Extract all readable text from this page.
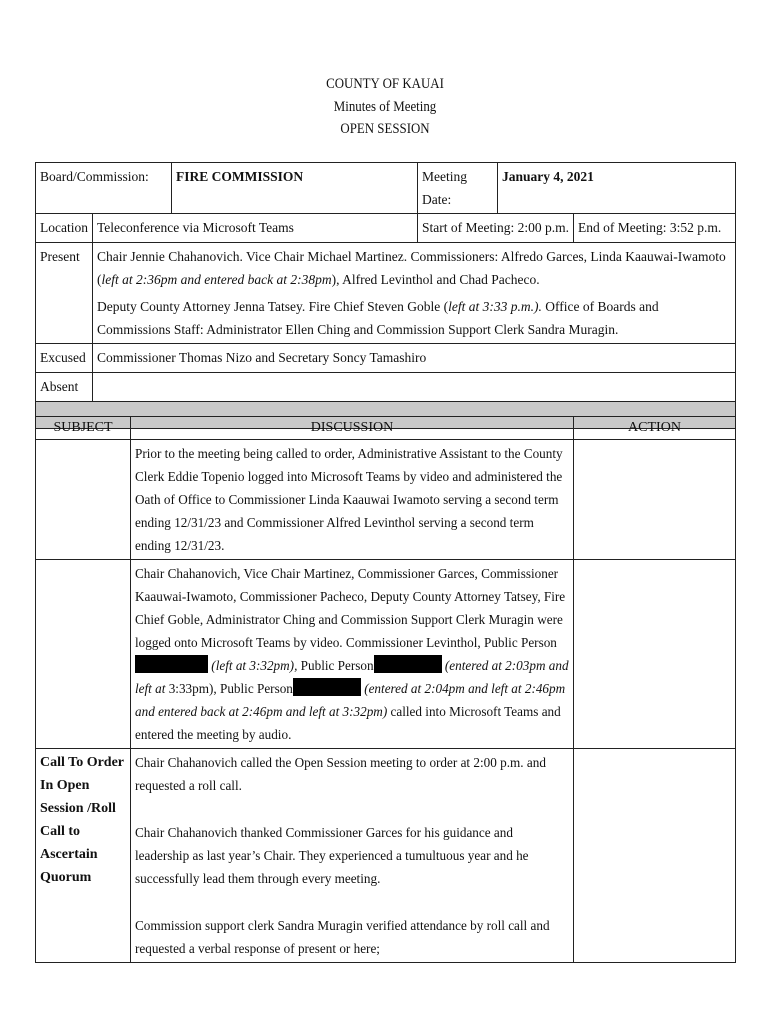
COUNTY OF KAUAI
Minutes of Meeting
OPEN SESSION
Board/Commission:		FIRE COMMISSION	Meeting Date:	January 4, 2021	
Location	Teleconference via Microsoft Teams		Start of Meeting: 2:00 p.m.		End of Meeting: 3:52 p.m.
Present	Chair Jennie Chahanovich. Vice Chair Michael Martinez. Commissioners: Alfredo Garces, Linda Kaauwai-Iwamoto (left at 2:36pm and entered back at 2:38pm), Alfred Levinthol and Chad Pacheco.

Deputy County Attorney Jenna Tatsey. Fire Chief Steven Goble (left at 3:33 p.m.). Office of Boards and Commissions Staff: Administrator Ellen Ching and Commission Support Clerk Sandra Muragin.				

Excused	Commissioner Thomas Nizo and Secretary Soncy Tamashiro				
Absent					

SUBJECT	DISCUSSION	ACTION
	Prior to the meeting being called to order, Administrative Assistant to the County Clerk Eddie Topenio logged into Microsoft Teams by video and administered the Oath of Office to Commissioner Linda Kaauwai Iwamoto serving a second term ending 12/31/23 and Commissioner Alfred Levinthol serving a second term ending 12/31/23.	
	Chair Chahanovich, Vice Chair Martinez, Commissioner Garces, Commissioner Kaauwai-Iwamoto, Commissioner Pacheco, Deputy County Attorney Tatsey, Fire Chief Goble, Administrator Ching and Commission Support Clerk Muragin were logged onto Microsoft Teams by video. Commissioner Levinthol, Public Person (left at 3:32pm), Public Person (entered at 2:03pm and left at 3:33pm), Public Person (entered at 2:04pm and left at 2:46pm and entered back at 2:46pm and left at 3:32pm) called into Microsoft Teams and entered the meeting by audio.	
Call To Order In Open Session /Roll Call to Ascertain Quorum	Chair Chahanovich called the Open Session meeting to order at 2:00 p.m. and requested a roll call.

Chair Chahanovich thanked Commissioner Garces for his guidance and leadership as last year’s Chair. They experienced a tumultuous year and he successfully lead them through every meeting.

Commission support clerk Sandra Muragin verified attendance by roll call and requested a verbal response of present or here;	
